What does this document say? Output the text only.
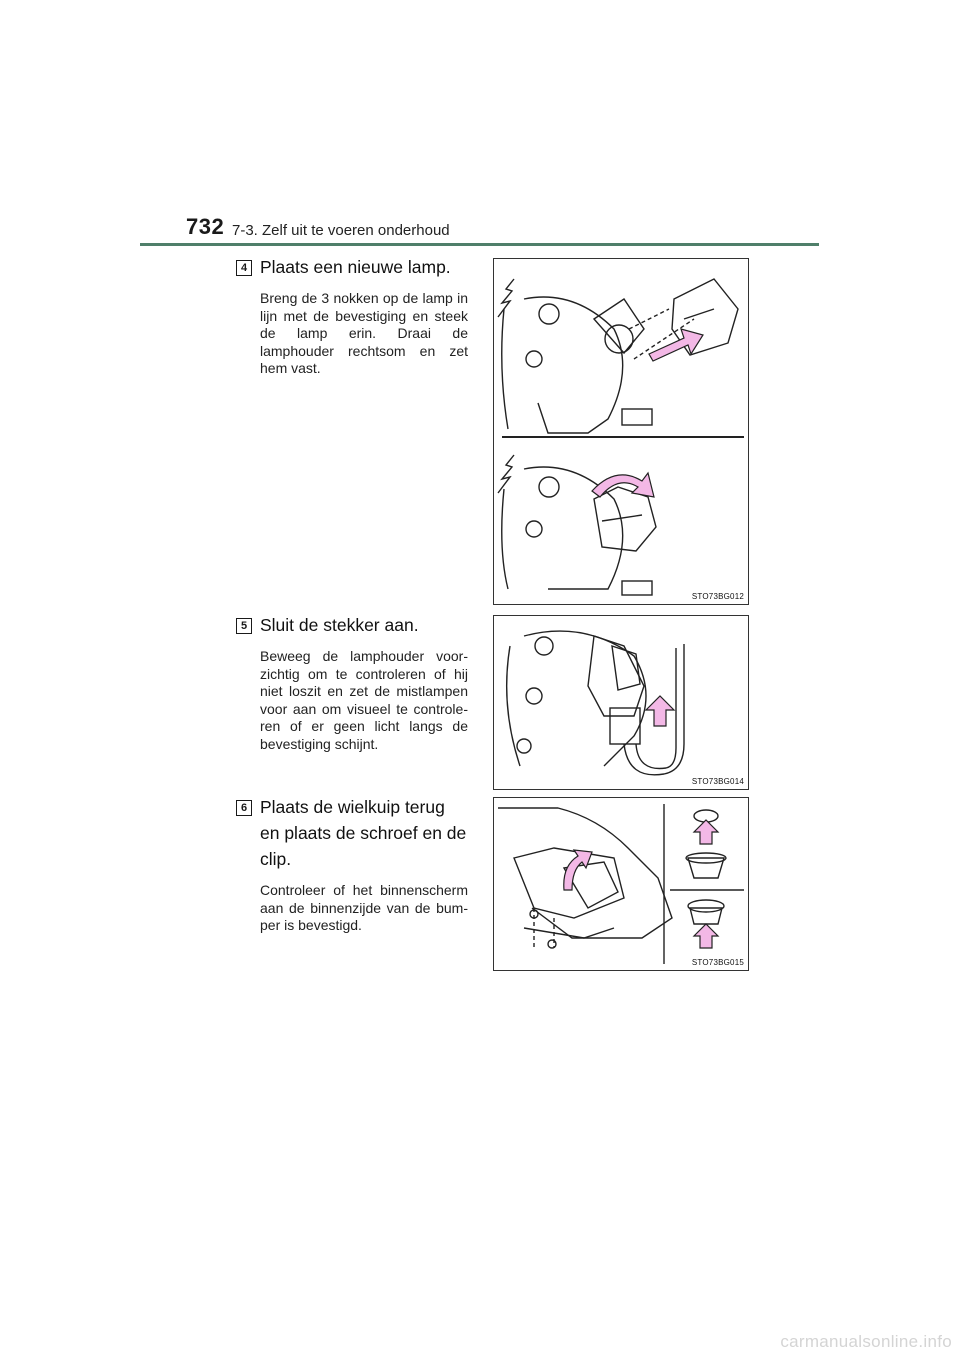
732 7-3. Zelf uit te voeren onderhoud
4 Plaats een nieuwe lamp.
Breng de 3 nokken op de lamp in lijn met de bevestiging en steek de lamp erin. Draai de lamphouder rechtsom en zet hem vast.
STO73BG012
5 Sluit de stekker aan.
Beweeg de lamphouder voor-zichtig om te controleren of hij niet loszit en zet de mistlampen voor aan om visueel te controle-ren of er geen licht langs de bevestiging schijnt.
STO73BG014
6 Plaats de wielkuip terug en plaats de schroef en de clip.
Controleer of het binnenscherm aan de binnenzijde van de bum-per is bevestigd.
STO73BG015
carmanualsonline.info
